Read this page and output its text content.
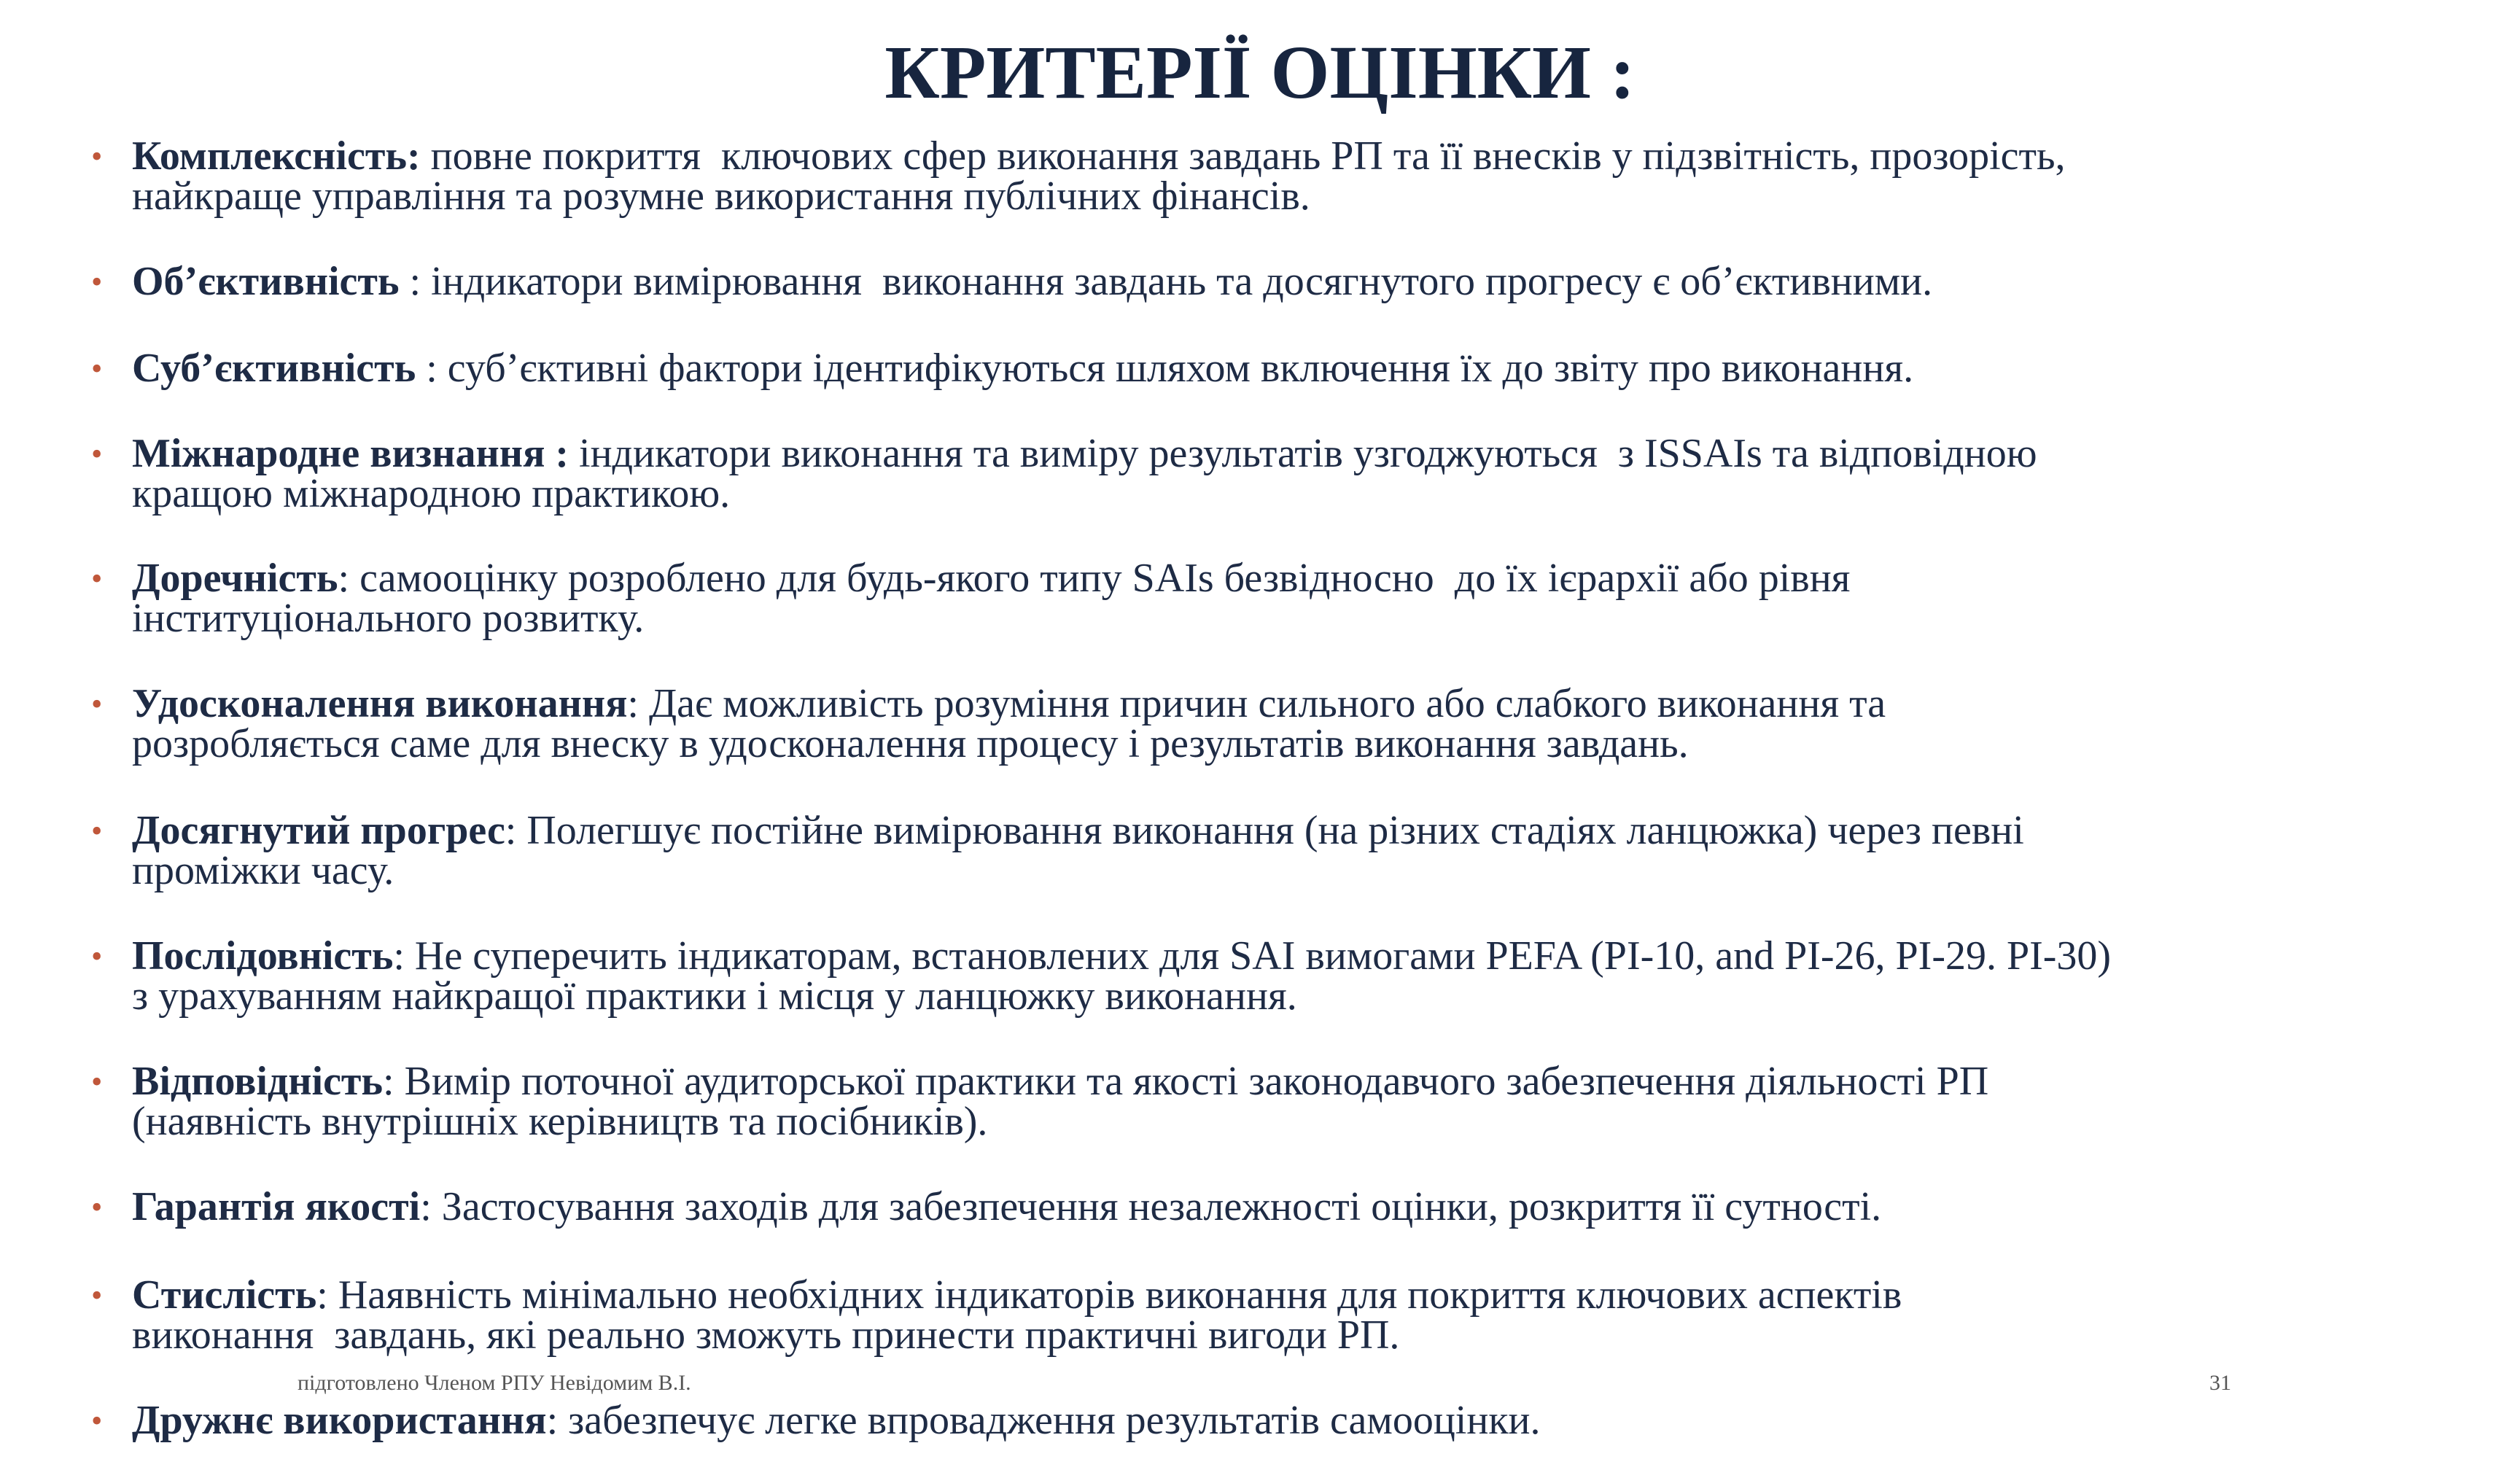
КРИТЕРІЇ ОЦІНКИ :
• Комплексність: повне покриття  ключових сфер виконання завдань РП та її внесків у підзвітність, прозорість,
найкраще управління та розумне використання публічних фінансів.
• Об’єктивність : індикатори вимірювання  виконання завдань та досягнутого прогресу є об’єктивними.
• Суб’єктивність : суб’єктивні фактори ідентифікуються шляхом включення їх до звіту про виконання.
• Міжнародне визнання : індикатори виконання та виміру результатів узгоджуються  з ISSAIs та відповідною
кращою міжнародною практикою.
• Доречність: самооцінку розроблено для будь-якого типу SAIs безвідносно  до їх ієрархії або рівня
інституціонального розвитку.
• Удосконалення виконання: Дає можливість розуміння причин сильного або слабкого виконання та
розробляється саме для внеску в удосконалення процесу і результатів виконання завдань.
• Досягнутий прогрес: Полегшує постійне вимірювання виконання (на різних стадіях ланцюжка) через певні
проміжки часу.
• Послідовність: Не суперечить індикаторам, встановлених для SAI вимогами PEFA (PI-10, and PI-26, PI-29. PI-30)
з урахуванням найкращої практики і місця у ланцюжку виконання.
• Відповідність: Вимір поточної аудиторської практики та якості законодавчого забезпечення діяльності РП
(наявність внутрішніх керівництв та посібників).
• Гарантія якості: Застосування заходів для забезпечення незалежності оцінки, розкриття її сутності.
• Стислість: Наявність мінімально необхідних індикаторів виконання для покриття ключових аспектів
виконання  завдань, які реально зможуть принести практичні вигоди РП.
• Дружнє використання: забезпечує легке впровадження результатів самооцінки.
підготовлено Членом РПУ Невідомим В.І.	31
